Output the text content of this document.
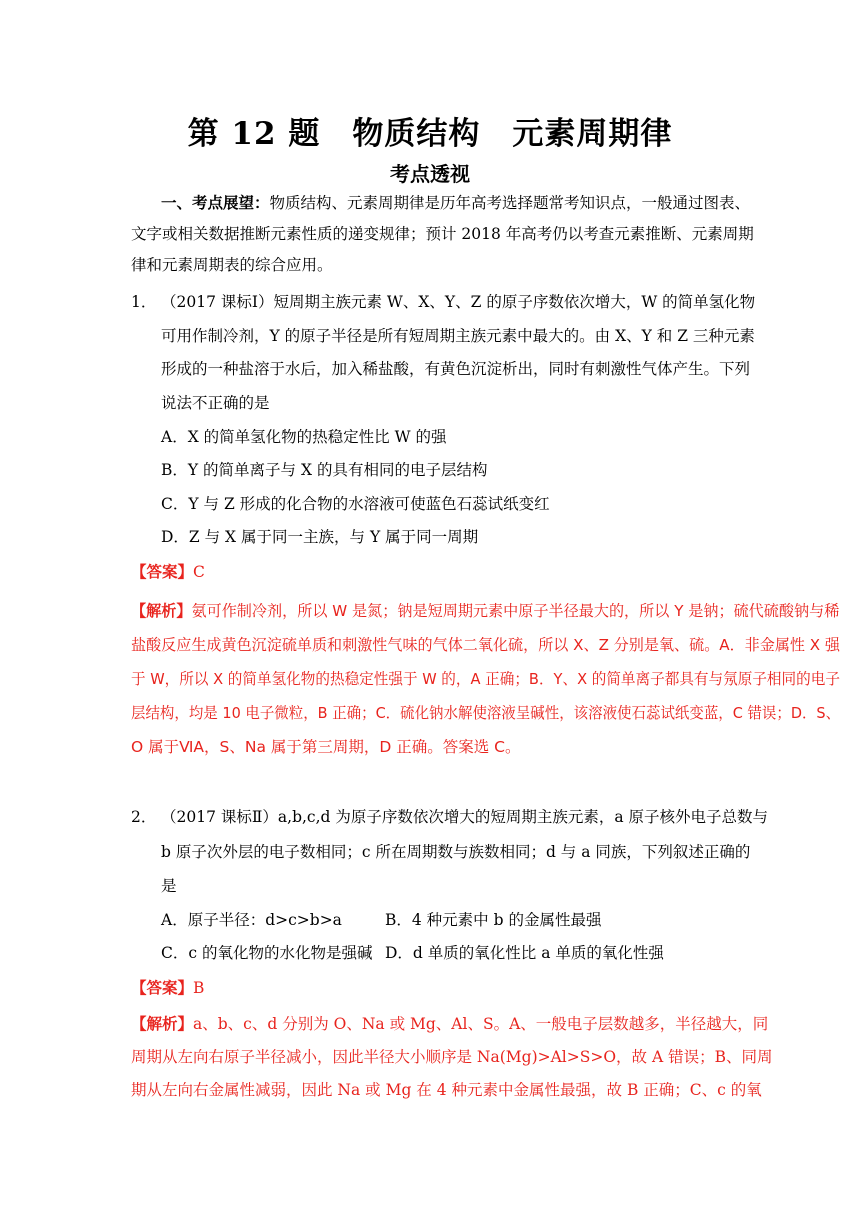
第 12 题　物质结构　元素周期律
考点透视
一、考点展望：物质结构、元素周期律是历年高考选择题常考知识点，一般通过图表、
文字或相关数据推断元素性质的递变规律；预计 2018 年高考仍以考查元素推断、元素周期
律和元素周期表的综合应用。
1． （2017 课标Ⅰ）短周期主族元素 W、X、Y、Z 的原子序数依次增大，W 的简单氢化物
可用作制冷剂，Y 的原子半径是所有短周期主族元素中最大的。由 X、Y 和 Z 三种元素
形成的一种盐溶于水后，加入稀盐酸，有黄色沉淀析出，同时有刺激性气体产生。下列
说法不正确的是
A．X 的简单氢化物的热稳定性比 W 的强
B．Y 的简单离子与 X 的具有相同的电子层结构
C．Y 与 Z 形成的化合物的水溶液可使蓝色石蕊试纸变红
D．Z 与 X 属于同一主族，与 Y 属于同一周期
【答案】C
【解析】氨可作制冷剂，所以 W 是氮；钠是短周期元素中原子半径最大的，所以 Y 是钠；硫代硫酸钠与稀
盐酸反应生成黄色沉淀硫单质和刺激性气味的气体二氧化硫，所以 X、Z 分别是氧、硫。A．非金属性 X 强
于 W，所以 X 的简单氢化物的热稳定性强于 W 的，A 正确；B．Y、X 的简单离子都具有与氖原子相同的电子
层结构，均是 10 电子微粒，B 正确；C．硫化钠水解使溶液呈碱性，该溶液使石蕊试纸变蓝，C 错误；D．S、
O 属于ⅥA，S、Na 属于第三周期，D 正确。答案选 C。
2． （2017 课标Ⅱ）a,b,c,d 为原子序数依次增大的短周期主族元素，a 原子核外电子总数与
b 原子次外层的电子数相同；c 所在周期数与族数相同；d 与 a 同族，下列叙述正确的
是
A．原子半径：d>c>b>a	B．4 种元素中 b 的金属性最强
C．c 的氧化物的水化物是强碱 D．d 单质的氧化性比 a 单质的氧化性强
【答案】B
【解析】a、b、c、d 分别为 O、Na 或 Mg、Al、S。A、一般电子层数越多，半径越大，同
周期从左向右原子半径减小，因此半径大小顺序是 Na(Mg)>Al>S>O，故 A 错误；B、同周
期从左向右金属性减弱，因此 Na 或 Mg 在 4 种元素中金属性最强，故 B 正确；C、c 的氧
